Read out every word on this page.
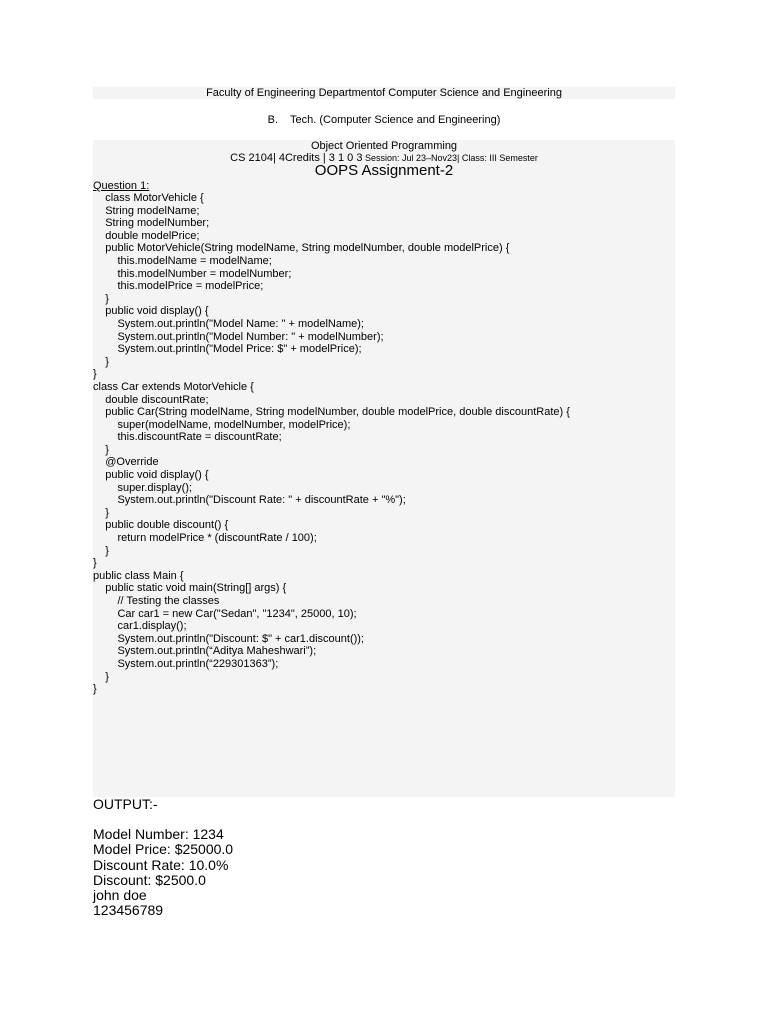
Faculty of Engineering Departmentof Computer Science and Engineering
B. Tech. (Computer Science and Engineering)
Object Oriented Programming
CS 2104| 4Credits | 3 1 0 3 Session: Jul 23–Nov23| Class: III Semester
OOPS Assignment-2
Question 1:
class MotorVehicle {
String modelName;
String modelNumber;
double modelPrice;
public MotorVehicle(String modelName, String modelNumber, double modelPrice) {
this.modelName = modelName;
this.modelNumber = modelNumber;
this.modelPrice = modelPrice;
}
public void display() {
System.out.println("Model Name: " + modelName);
System.out.println("Model Number: " + modelNumber);
System.out.println("Model Price: $" + modelPrice);
}
}
class Car extends MotorVehicle {
double discountRate;
public Car(String modelName, String modelNumber, double modelPrice, double discountRate) {
super(modelName, modelNumber, modelPrice);
this.discountRate = discountRate;
}
@Override
public void display() {
super.display();
System.out.println("Discount Rate: " + discountRate + "%");
}
public double discount() {
return modelPrice * (discountRate / 100);
}
}
public class Main {
public static void main(String[] args) {
// Testing the classes
Car car1 = new Car("Sedan", "1234", 25000, 10);
car1.display();
System.out.println("Discount: $" + car1.discount());
System.out.println(“Aditya Maheshwari”);
System.out.println(“229301363”);
}
}
OUTPUT:-
Model Number: 1234
Model Price: $25000.0
Discount Rate: 10.0%
Discount: $2500.0
john doe
123456789
